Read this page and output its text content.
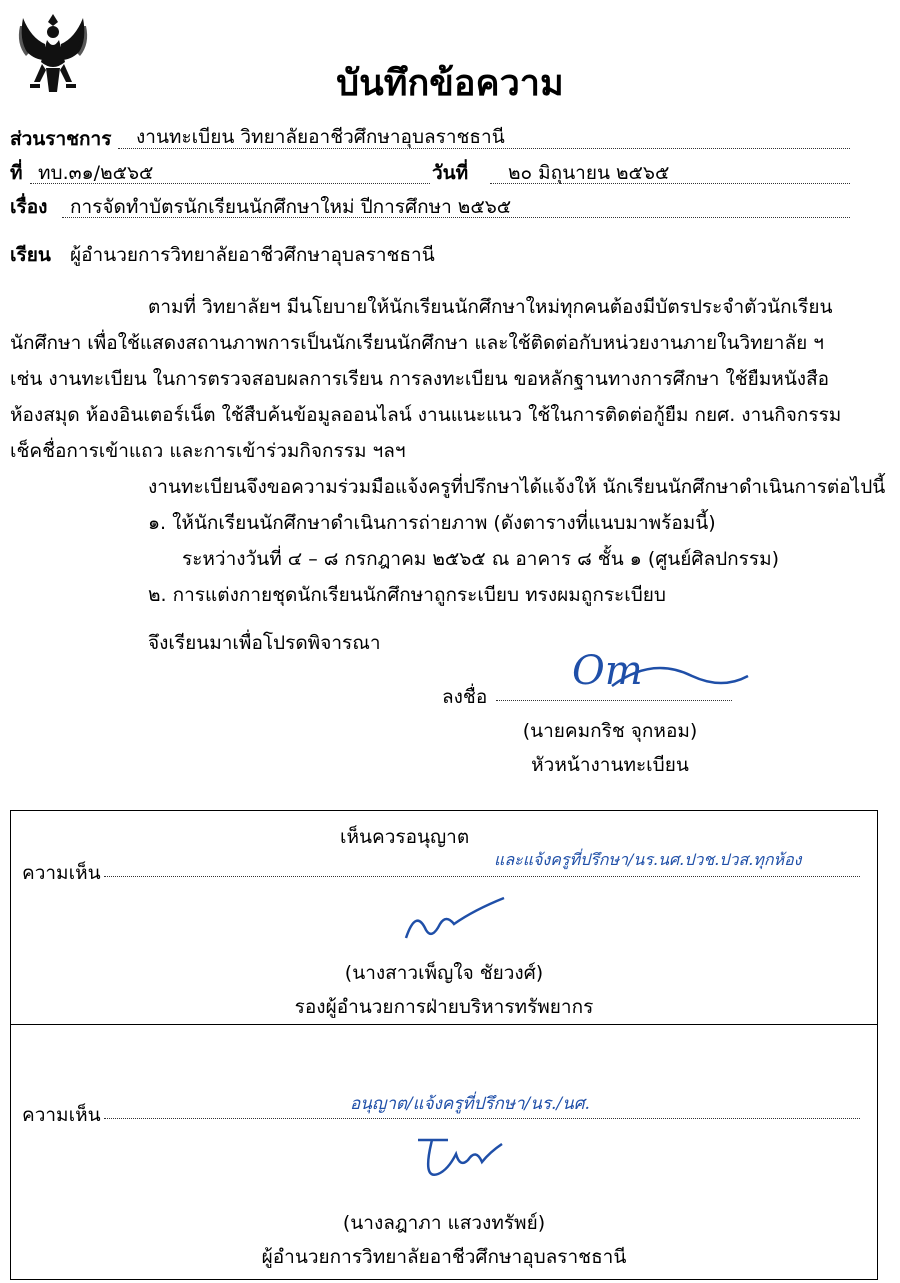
บันทึกข้อความ
ส่วนราชการ งานทะเบียน วิทยาลัยอาชีวศึกษาอุบลราชธานี
ที่ ทบ.๓๑/๒๕๖๕	วันที่ ๒๐ มิถุนายน ๒๕๖๕
เรื่อง การจัดทำบัตรนักเรียนนักศึกษาใหม่ ปีการศึกษา ๒๕๖๕
เรียน ผู้อำนวยการวิทยาลัยอาชีวศึกษาอุบลราชธานี
ตามที่ วิทยาลัยฯ มีนโยบายให้นักเรียนนักศึกษาใหม่ทุกคนต้องมีบัตรประจำตัวนักเรียน
นักศึกษา เพื่อใช้แสดงสถานภาพการเป็นนักเรียนนักศึกษา และใช้ติดต่อกับหน่วยงานภายในวิทยาลัย ฯ
เช่น งานทะเบียน ในการตรวจสอบผลการเรียน การลงทะเบียน ขอหลักฐานทางการศึกษา ใช้ยืมหนังสือ
ห้องสมุด ห้องอินเตอร์เน็ต ใช้สืบค้นข้อมูลออนไลน์ งานแนะแนว ใช้ในการติดต่อกู้ยืม กยศ. งานกิจกรรม
เช็คชื่อการเข้าแถว และการเข้าร่วมกิจกรรม ฯลฯ
งานทะเบียนจึงขอความร่วมมือแจ้งครูที่ปรึกษาได้แจ้งให้ นักเรียนนักศึกษาดำเนินการต่อไปนี้
๑. ให้นักเรียนนักศึกษาดำเนินการถ่ายภาพ (ดังตารางที่แนบมาพร้อมนี้)
ระหว่างวันที่ ๔ – ๘ กรกฎาคม ๒๕๖๕ ณ อาคาร ๘ ชั้น ๑ (ศูนย์ศิลปกรรม)
๒. การแต่งกายชุดนักเรียนนักศึกษาถูกระเบียบ ทรงผมถูกระเบียบ
จึงเรียนมาเพื่อโปรดพิจารณา
ลงชื่อ
Om
(นายคมกริช จุกหอม)
หัวหน้างานทะเบียน
เห็นควรอนุญาต
ความเห็น
และแจ้งครูที่ปรึกษา/นร.นศ.ปวช.ปวส.ทุกห้อง
(นางสาวเพ็ญใจ ชัยวงศ์)
รองผู้อำนวยการฝ่ายบริหารทรัพยากร
ความเห็น	อนุญาต/แจ้งครูที่ปรึกษา/นร./นศ.
(นางลฎาภา แสวงทรัพย์)
ผู้อำนวยการวิทยาลัยอาชีวศึกษาอุบลราชธานี
